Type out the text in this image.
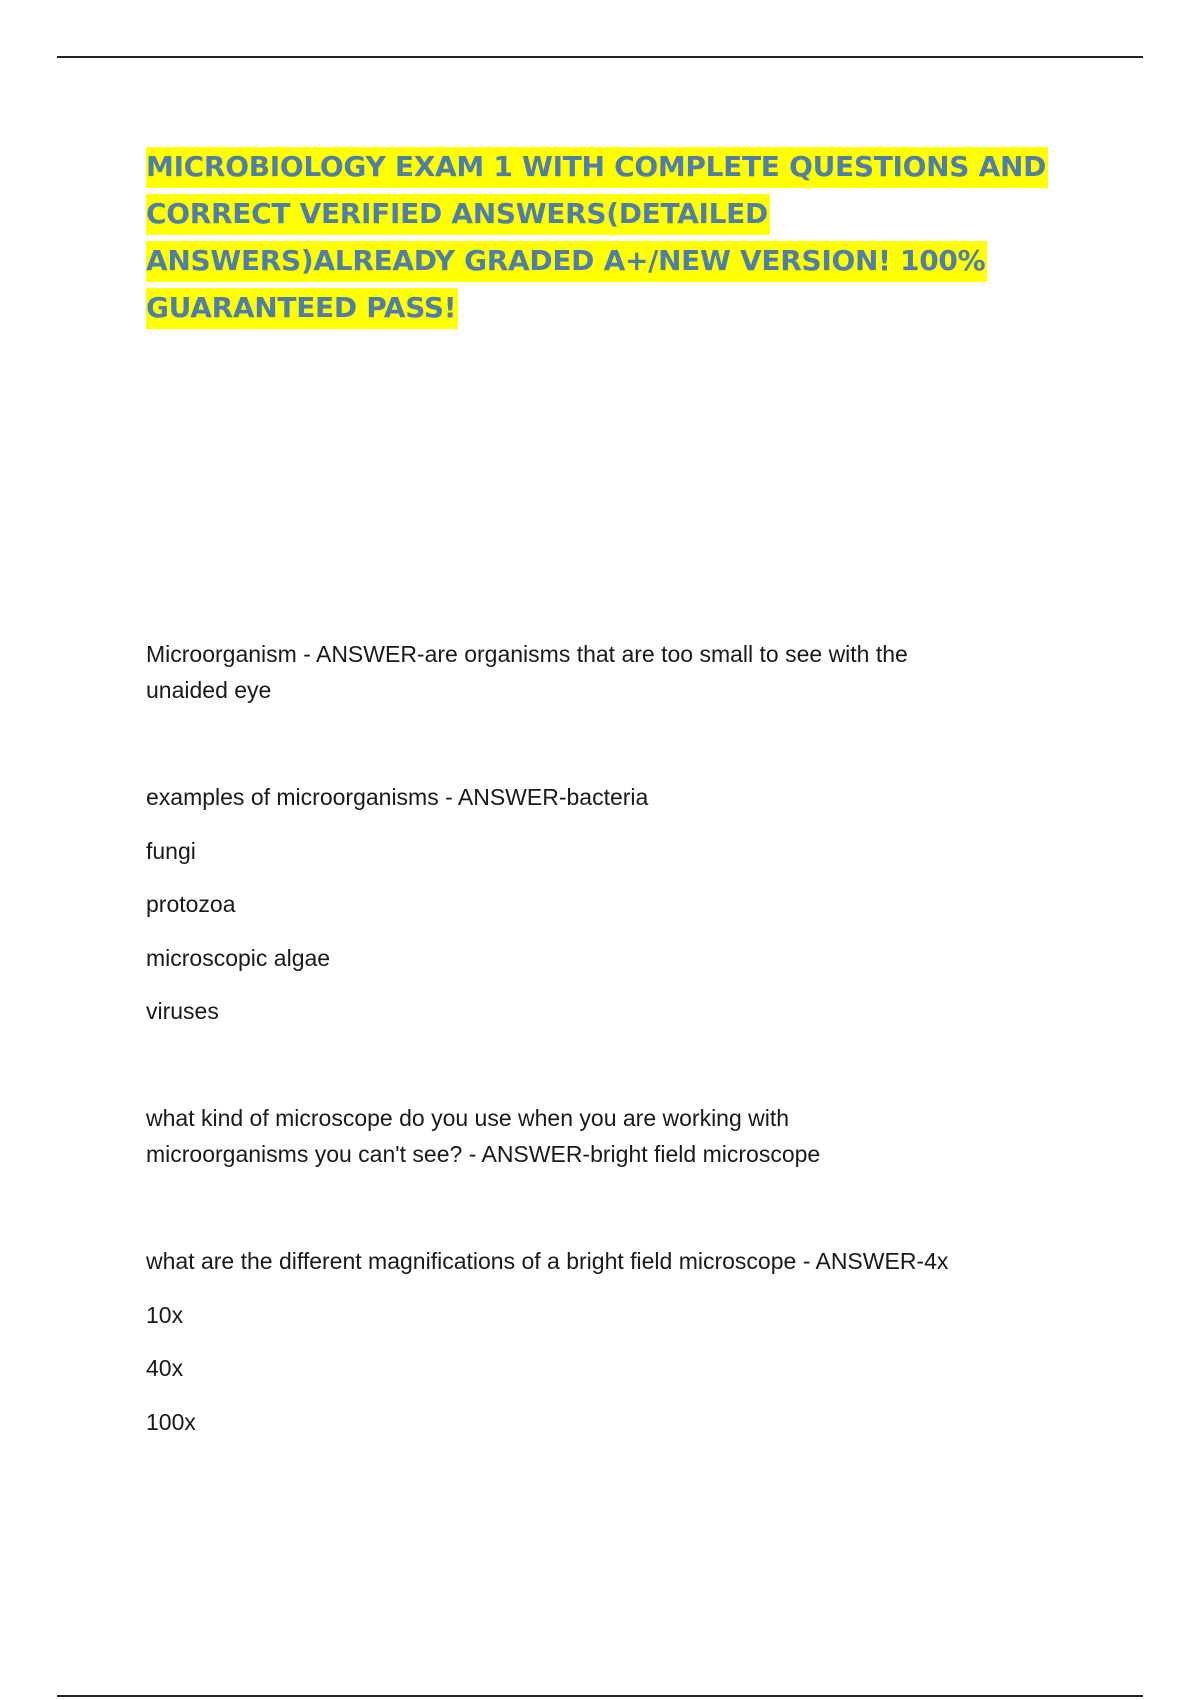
MICROBIOLOGY EXAM 1 WITH COMPLETE QUESTIONS AND CORRECT VERIFIED ANSWERS(DETAILED ANSWERS)ALREADY GRADED A+/NEW VERSION! 100% GUARANTEED PASS!

Microorganism - ANSWER-are organisms that are too small to see with the

unaided eye

examples of microorganisms - ANSWER-bacteria

fungi

protozoa

microscopic algae

viruses

what kind of microscope do you use when you are working with

microorganisms you can't see? - ANSWER-bright field microscope

what are the different magnifications of a bright field microscope - ANSWER-4x

10x

40x

100x
